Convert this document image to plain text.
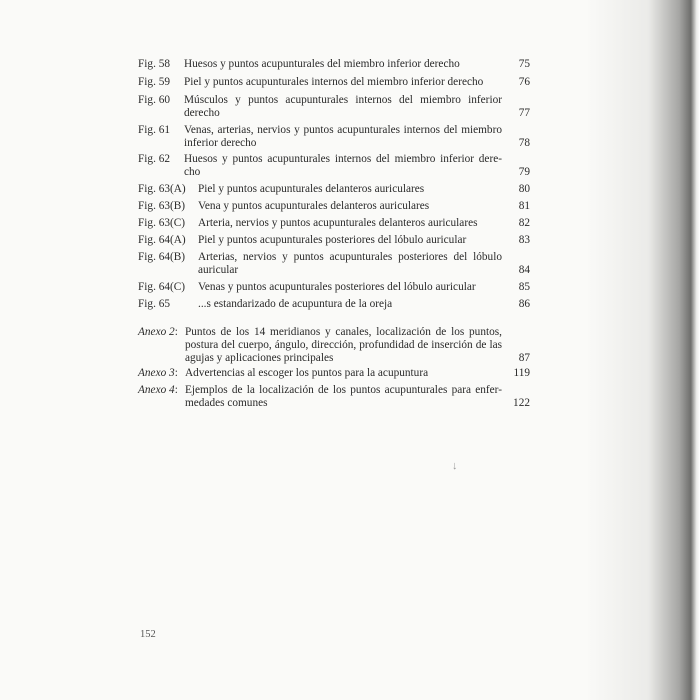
Fig. 58 Huesos y puntos acupunturales del miembro inferior derecho	75
Fig. 59 Piel y puntos acupunturales internos del miembro inferior derecho	76
Fig. 60 Músculos y puntos acupunturales internos del miembro inferior derecho	77
Fig. 61 Venas, arterias, nervios y puntos acupunturales internos del miembro inferior derecho	78
Fig. 62 Huesos y puntos acupunturales internos del miembro inferior dere-cho	79
Fig. 63(A) Piel y puntos acupunturales delanteros auriculares	80
Fig. 63(B) Vena y puntos acupunturales delanteros auriculares	81
Fig. 63(C) Arteria, nervios y puntos acupunturales delanteros auriculares	82
Fig. 64(A) Piel y puntos acupunturales posteriores del lóbulo auricular	83
Fig. 64(B) Arterias, nervios y puntos acupunturales posteriores del lóbulo auricular	84
Fig. 64(C) Venas y puntos acupunturales posteriores del lóbulo auricular	85
Fig. 65 ...s estandarizado de acupuntura de la oreja	86
Anexo 2: Puntos de los 14 meridianos y canales, localización de los puntos, postura del cuerpo, ángulo, dirección, profundidad de inserción de las agujas y aplicaciones principales	87
Anexo 3: Advertencias al escoger los puntos para la acupuntura	119
Anexo 4: Ejemplos de la localización de los puntos acupunturales para enfer-medades comunes	122
↓
152
